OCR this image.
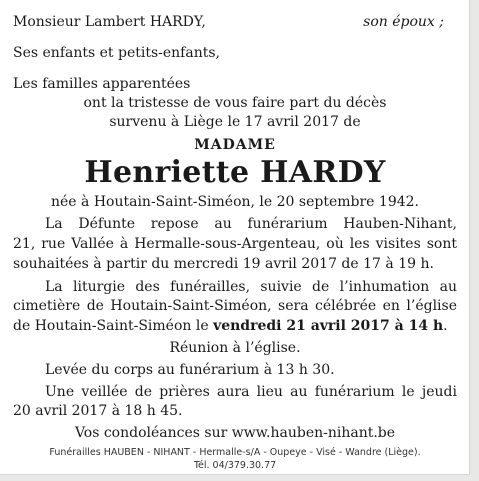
Monsieur Lambert HARDY,	son époux ;
Ses enfants et petits-enfants,
Les familles apparentées
ont la tristesse de vous faire part du décès
survenu à Liège le 17 avril 2017 de
MADAME
Henriette HARDY
née à Houtain-Saint-Siméon, le 20 septembre 1942.
La Défunte repose au funérarium Hauben-Nihant,
21, rue Vallée à Hermalle-sous-Argenteau, où les visites sont
souhaitées à partir du mercredi 19 avril 2017 de 17 à 19 h.
La liturgie des funérailles, suivie de l’inhumation au
cimetière de Houtain-Saint-Siméon, sera célébrée en l’église
de Houtain-Saint-Siméon le vendredi 21 avril 2017 à 14 h.
Réunion à l’église.
Levée du corps au funérarium à 13 h 30.
Une veillée de prières aura lieu au funérarium le jeudi
20 avril 2017 à 18 h 45.
Vos condoléances sur www.hauben-nihant.be
Funérailles HAUBEN - NIHANT - Hermalle-s/A - Oupeye - Visé - Wandre (Liège).
Tél. 04/379.30.77
